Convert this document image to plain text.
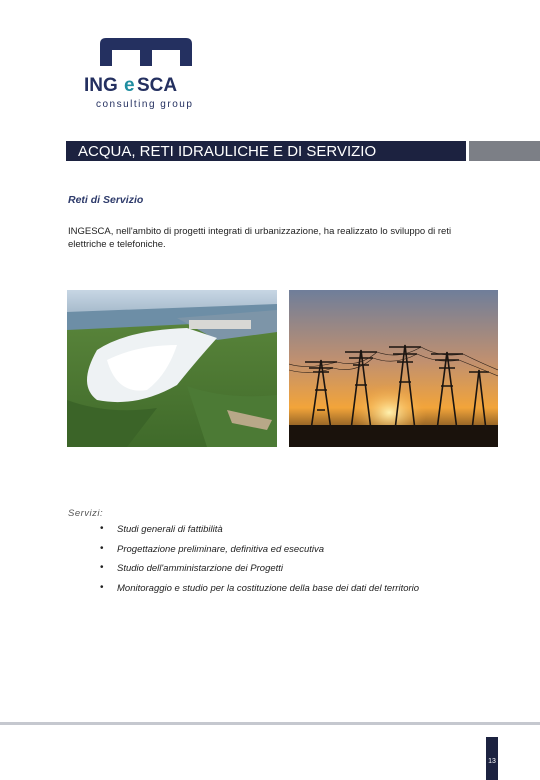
ING e SCA
consulting group
ACQUA, RETI IDRAULICHE E DI SERVIZIO
Reti di Servizio
INGESCA, nell'ambito di progetti integrati di urbanizzazione, ha realizzato lo sviluppo di reti elettriche e telefoniche.
Servizi:
• Studi generali di fattibilità
• Progettazione preliminare, definitiva ed esecutiva
• Studio dell'amministarzione dei Progetti
• Monitoraggio e studio per la costituzione della base dei dati del territorio
13
